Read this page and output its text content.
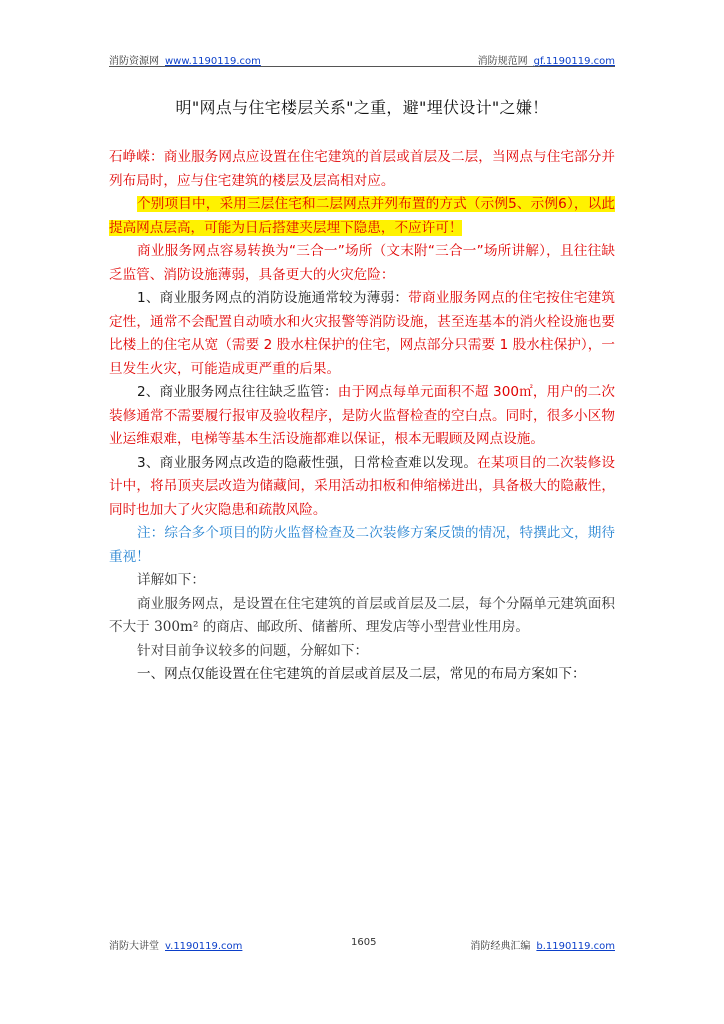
消防资源网 www.1190119.com	消防规范网 gf.1190119.com
明"网点与住宅楼层关系"之重，避"埋伏设计"之嫌！

石峥嵘：商业服务网点应设置在住宅建筑的首层或首层及二层，当网点与住宅部分并列布局时，应与住宅建筑的楼层及层高相对应。

个别项目中，采用三层住宅和二层网点并列布置的方式（示例5、示例6），以此提高网点层高，可能为日后搭建夹层埋下隐患，不应许可！

商业服务网点容易转换为“三合一”场所（文末附“三合一”场所讲解），且往往缺乏监管、消防设施薄弱，具备更大的火灾危险：

1、商业服务网点的消防设施通常较为薄弱：带商业服务网点的住宅按住宅建筑定性，通常不会配置自动喷水和火灾报警等消防设施，甚至连基本的消火栓设施也要比楼上的住宅从宽（需要 2 股水柱保护的住宅，网点部分只需要 1 股水柱保护），一旦发生火灾，可能造成更严重的后果。

2、商业服务网点往往缺乏监管：由于网点每单元面积不超 300㎡，用户的二次装修通常不需要履行报审及验收程序，是防火监督检查的空白点。同时，很多小区物业运维艰难，电梯等基本生活设施都难以保证，根本无暇顾及网点设施。

3、商业服务网点改造的隐蔽性强，日常检查难以发现。在某项目的二次装修设计中，将吊顶夹层改造为储藏间，采用活动扣板和伸缩梯进出，具备极大的隐蔽性，同时也加大了火灾隐患和疏散风险。

注：综合多个项目的防火监督检查及二次装修方案反馈的情况，特撰此文，期待重视！

详解如下：

商业服务网点，是设置在住宅建筑的首层或首层及二层，每个分隔单元建筑面积不大于 300m² 的商店、邮政所、储蓄所、理发店等小型营业性用房。

针对目前争议较多的问题，分解如下：

一、网点仅能设置在住宅建筑的首层或首层及二层，常见的布局方案如下：

消防大讲堂 v.1190119.com	1605	消防经典汇编 b.1190119.com
